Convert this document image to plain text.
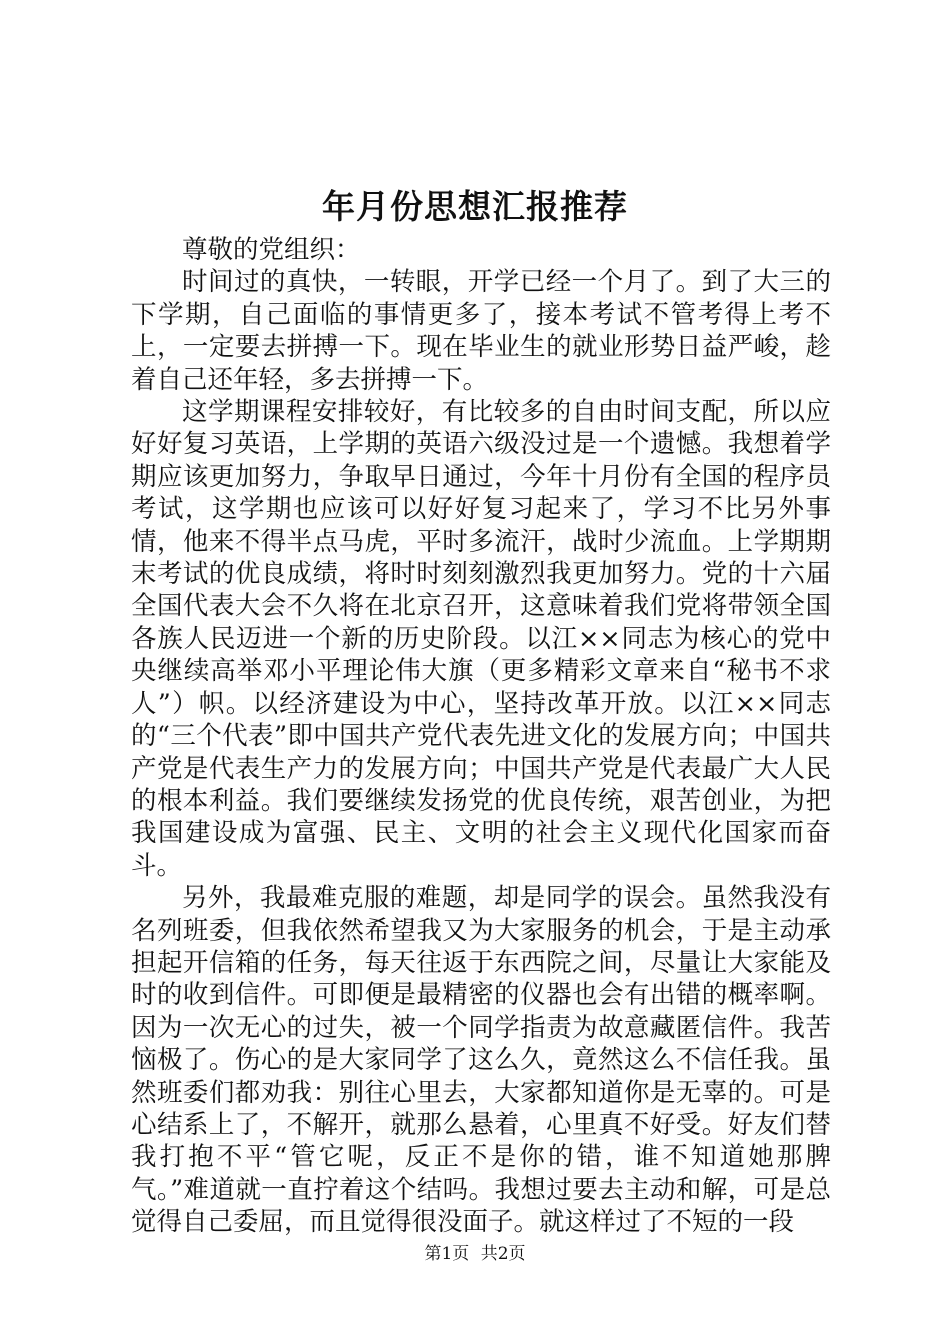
年月份思想汇报推荐

尊敬的党组织：

时间过的真快，一转眼，开学已经一个月了。到了大三的下学期，自己面临的事情更多了，接本考试不管考得上考不上，一定要去拼搏一下。现在毕业生的就业形势日益严峻，趁着自己还年轻，多去拼搏一下。

这学期课程安排较好，有比较多的自由时间支配，所以应好好复习英语，上学期的英语六级没过是一个遗憾。我想着学期应该更加努力，争取早日通过，今年十月份有全国的程序员考试，这学期也应该可以好好复习起来了，学习不比另外事情，他来不得半点马虎，平时多流汗，战时少流血。上学期期末考试的优良成绩，将时时刻刻激烈我更加努力。党的十六届全国代表大会不久将在北京召开，这意味着我们党将带领全国各族人民迈进一个新的历史阶段。以江××同志为核心的党中央继续高举邓小平理论伟大旗（更多精彩文章来自“秘书不求人”）帜。以经济建设为中心，坚持改革开放。以江××同志的“三个代表”即中国共产党代表先进文化的发展方向；中国共产党是代表生产力的发展方向；中国共产党是代表最广大人民的根本利益。我们要继续发扬党的优良传统，艰苦创业，为把我国建设成为富强、民主、文明的社会主义现代化国家而奋斗。

另外，我最难克服的难题，却是同学的误会。虽然我没有名列班委，但我依然希望我又为大家服务的机会，于是主动承担起开信箱的任务，每天往返于东西院之间，尽量让大家能及时的收到信件。可即便是最精密的仪器也会有出错的概率啊。因为一次无心的过失，被一个同学指责为故意藏匿信件。我苦恼极了。伤心的是大家同学了这么久，竟然这么不信任我。虽然班委们都劝我：别往心里去，大家都知道你是无辜的。可是心结系上了，不解开，就那么悬着，心里真不好受。好友们替我打抱不平“管它呢，反正不是你的错，谁不知道她那脾气。”难道就一直拧着这个结吗。我想过要去主动和解，可是总觉得自己委屈，而且觉得很没面子。就这样过了不短的一段

第1页 共2页
